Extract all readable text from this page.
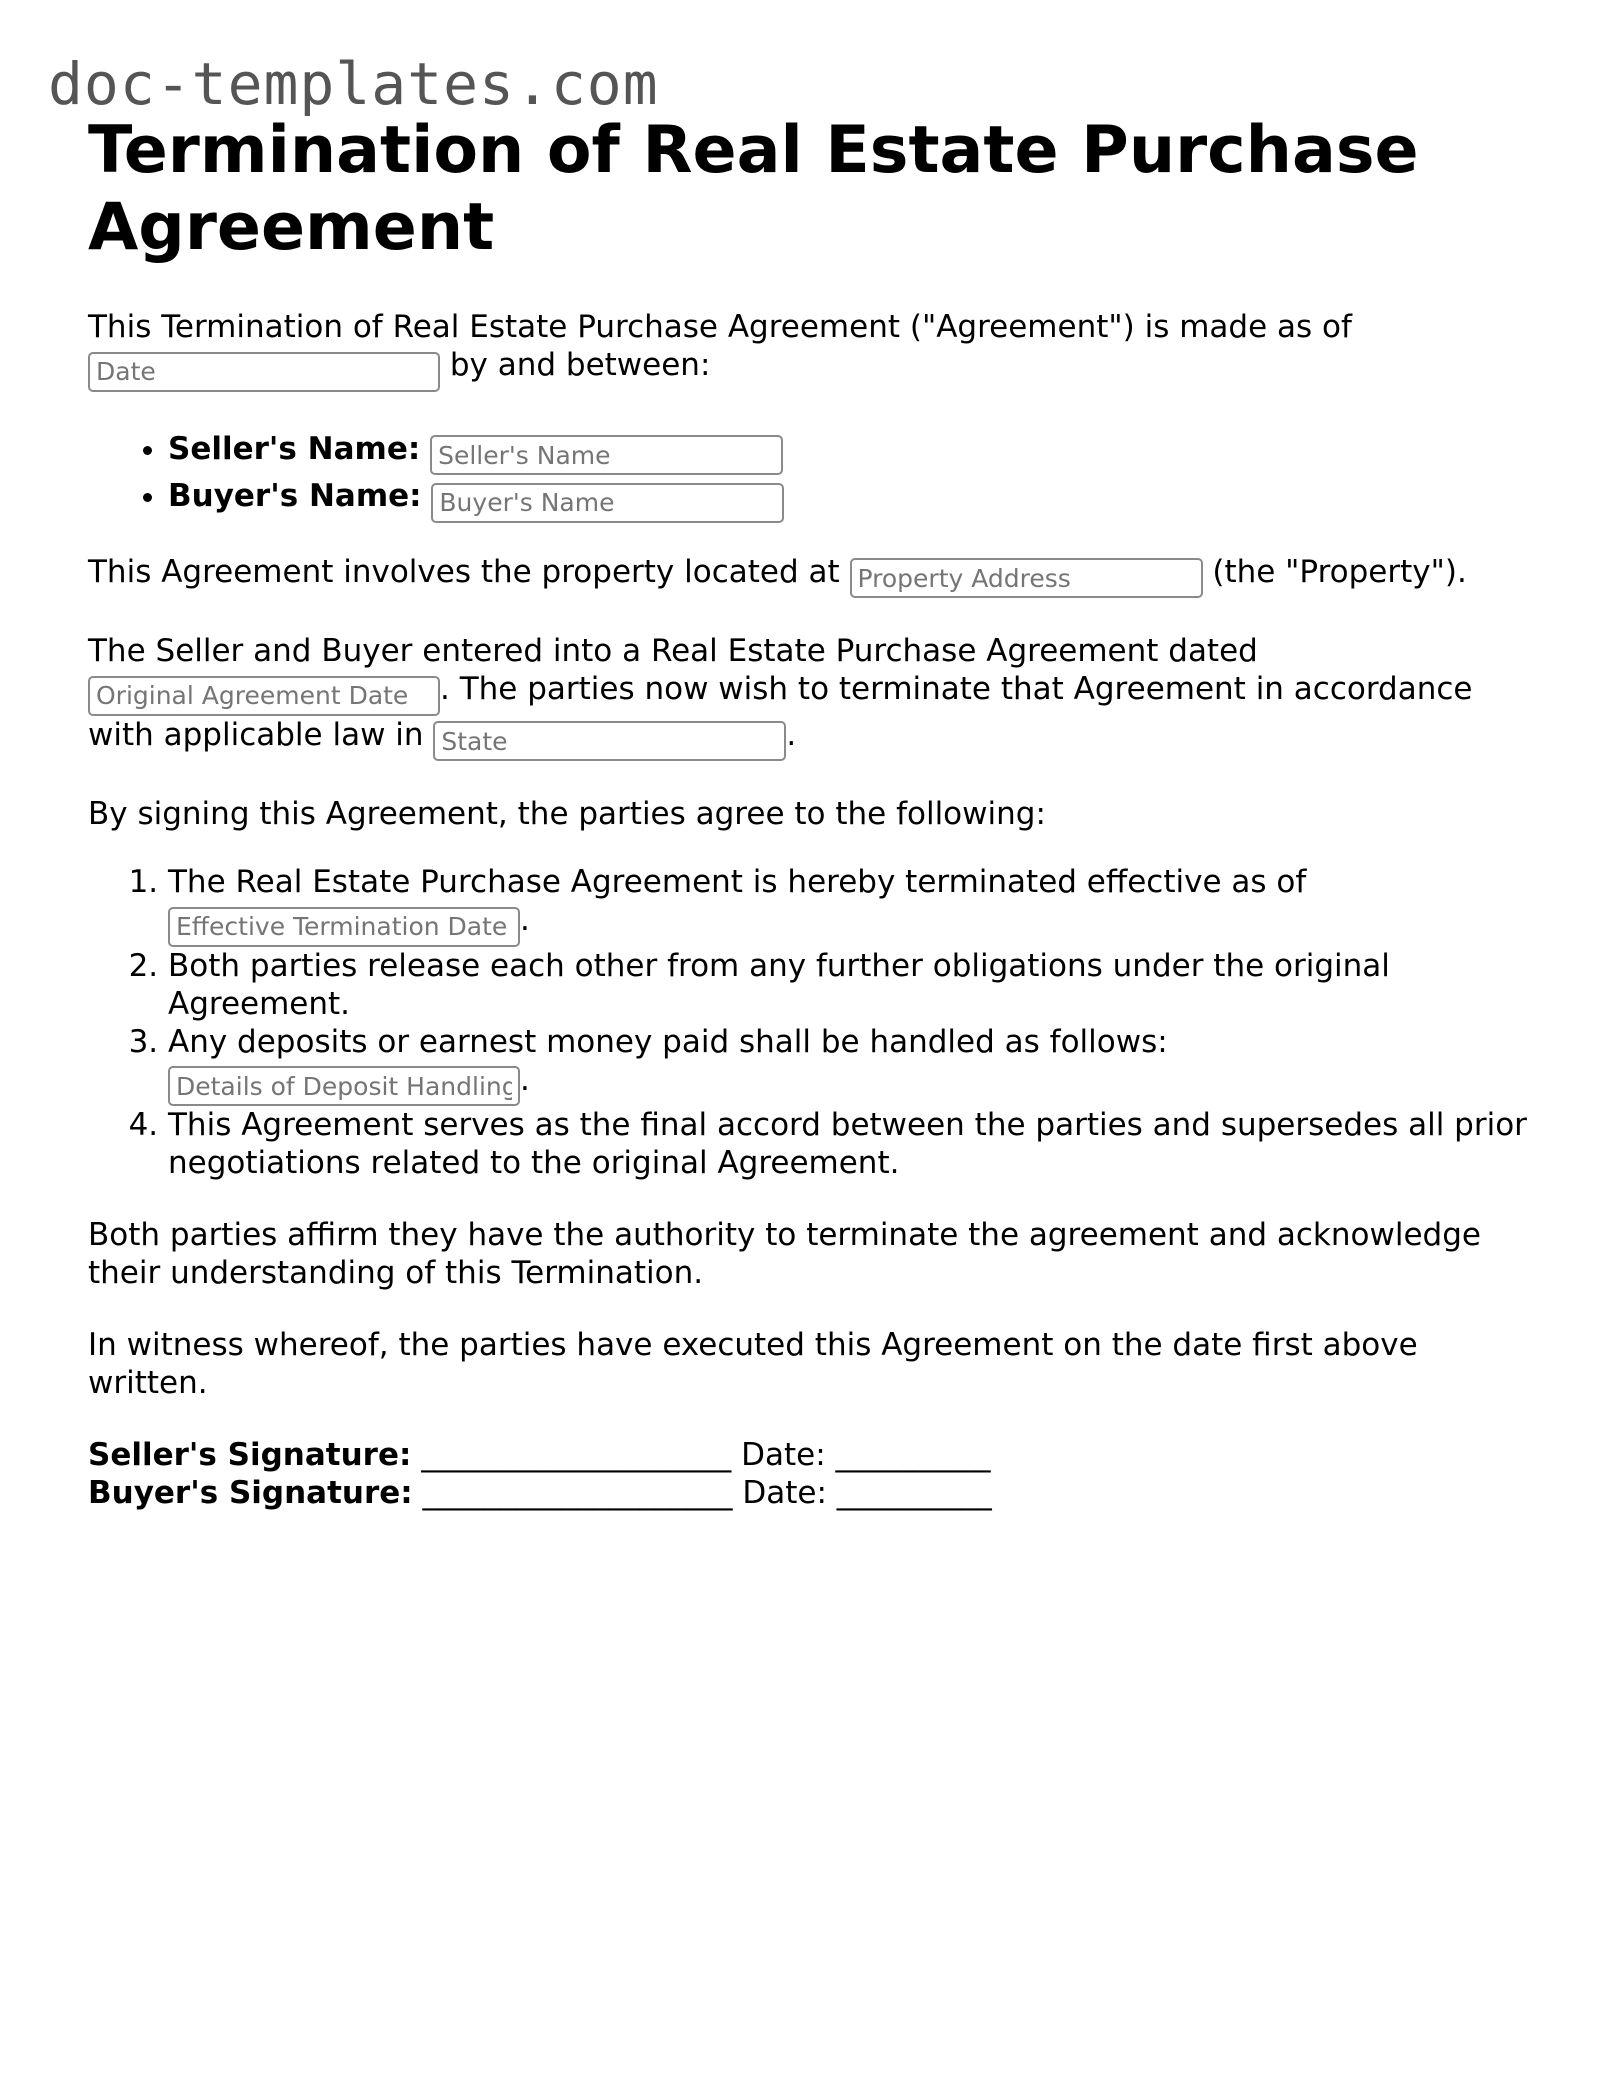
doc-templates.com
Termination of Real Estate Purchase Agreement

This Termination of Real Estate Purchase Agreement ("Agreement") is made as of
Date by and between:

• Seller's Name: Seller's Name
• Buyer's Name: Buyer's Name

This Agreement involves the property located at Property Address	(the "Property").

The Seller and Buyer entered into a Real Estate Purchase Agreement dated
Original Agreement Date. The parties now wish to terminate that Agreement in accordance with applicable law in State	.

By signing this Agreement, the parties agree to the following:

1. The Real Estate Purchase Agreement is hereby terminated effective as of
Effective Termination Date.
2. Both parties release each other from any further obligations under the original Agreement.
3. Any deposits or earnest money paid shall be handled as follows:
Details of Deposit Handling.
4. This Agreement serves as the final accord between the parties and supersedes all prior negotiations related to the original Agreement.

Both parties affirm they have the authority to terminate the agreement and acknowledge their understanding of this Termination.

In witness whereof, the parties have executed this Agreement on the date first above written.

Seller's Signature: ____________________ Date: __________
Buyer's Signature: ____________________ Date: __________
